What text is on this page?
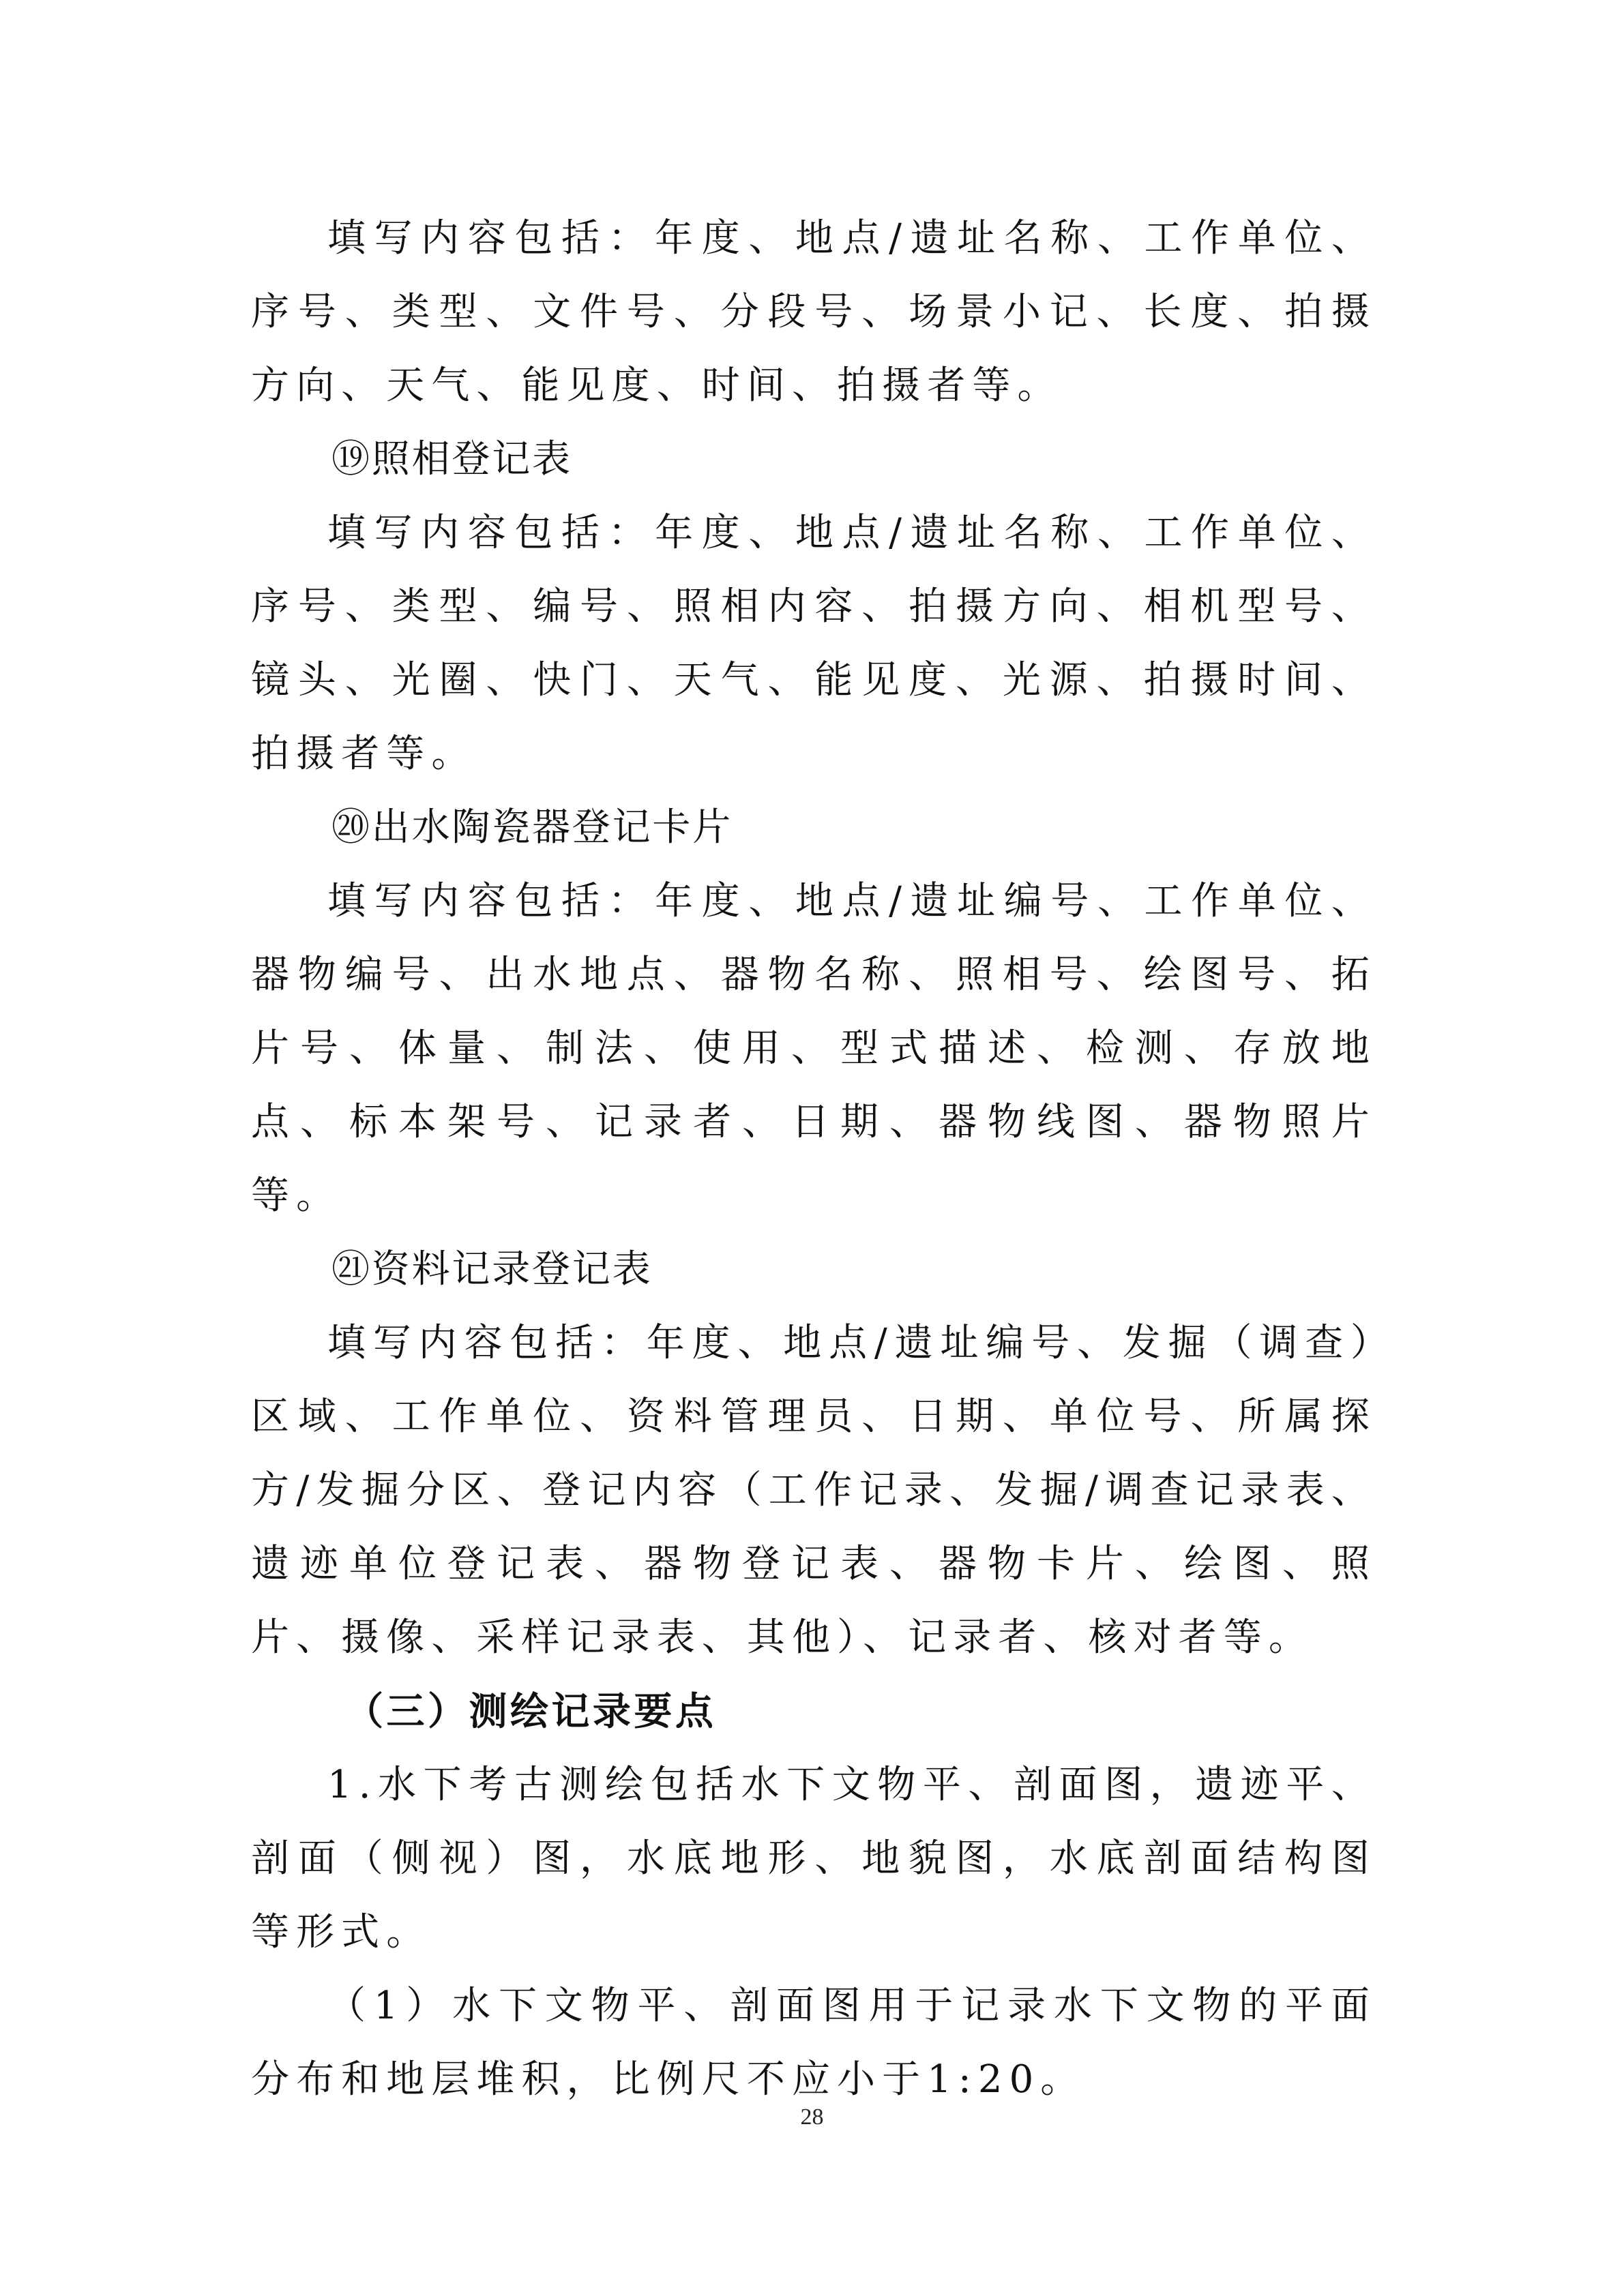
填写内容包括：年度、地点/遗址名称、工作单位、序号、类型、文件号、分段号、场景小记、长度、拍摄方向、天气、能见度、时间、拍摄者等。

⑲照相登记表

填写内容包括：年度、地点/遗址名称、工作单位、序号、类型、编号、照相内容、拍摄方向、相机型号、镜头、光圈、快门、天气、能见度、光源、拍摄时间、拍摄者等。

⑳出水陶瓷器登记卡片

填写内容包括：年度、地点/遗址编号、工作单位、器物编号、出水地点、器物名称、照相号、绘图号、拓片号、体量、制法、使用、型式描述、检测、存放地点、标本架号、记录者、日期、器物线图、器物照片等。

㉑资料记录登记表

填写内容包括：年度、地点/遗址编号、发掘（调查）区域、工作单位、资料管理员、日期、单位号、所属探方/发掘分区、登记内容（工作记录、发掘/调查记录表、遗迹单位登记表、器物登记表、器物卡片、绘图、照片、摄像、采样记录表、其他）、记录者、核对者等。

（三）测绘记录要点

1.水下考古测绘包括水下文物平、剖面图，遗迹平、剖面（侧视）图，水底地形、地貌图，水底剖面结构图等形式。

（1）水下文物平、剖面图用于记录水下文物的平面分布和地层堆积，比例尺不应小于1:20。

28
